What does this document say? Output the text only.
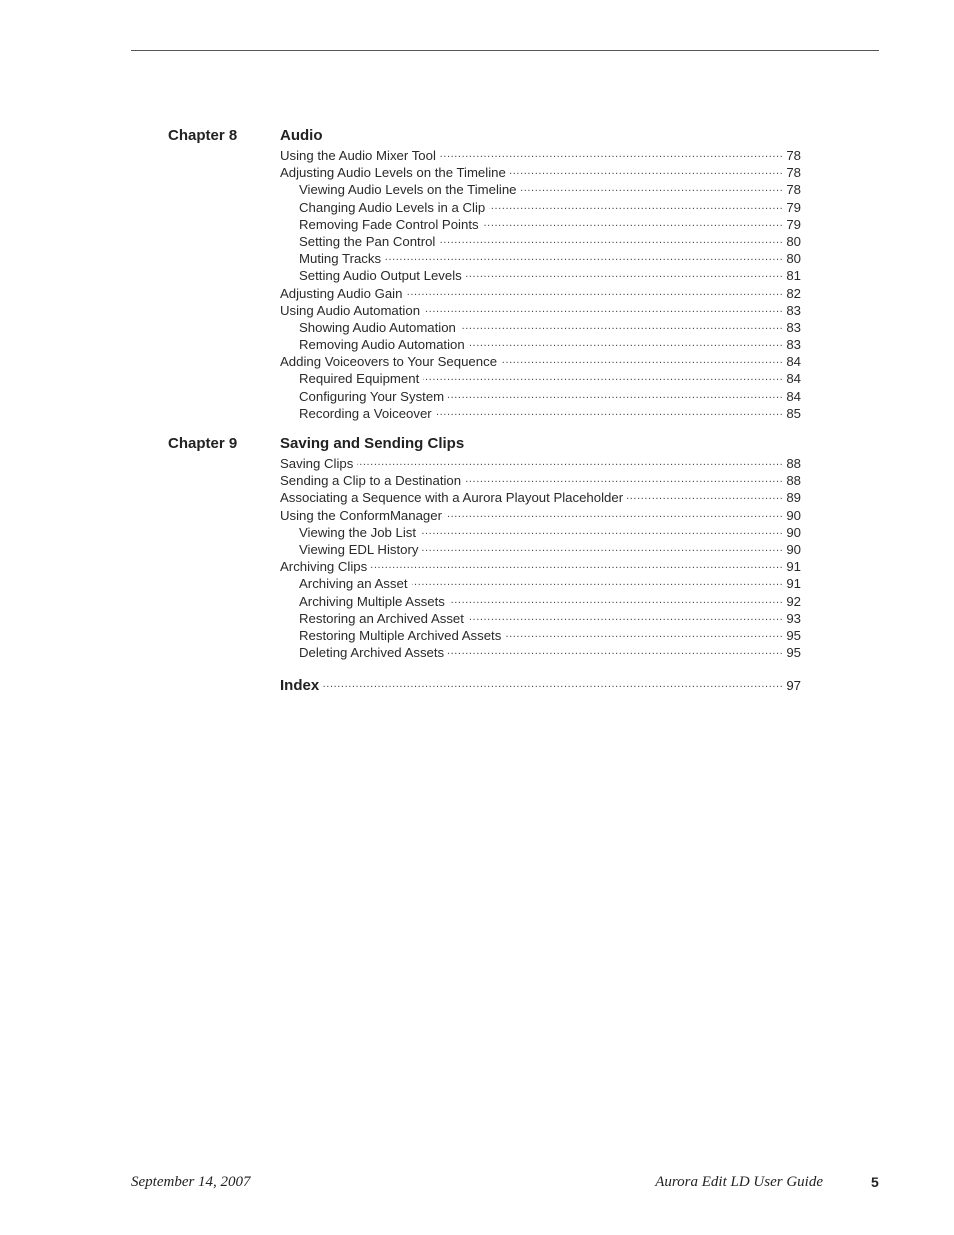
Chapter 8	Audio
Using the Audio Mixer Tool .....	78
Adjusting Audio Levels on the Timeline .....	78
Viewing Audio Levels on the Timeline .....	78
Changing Audio Levels in a Clip .....	79
Removing Fade Control Points .....	79
Setting the Pan Control .....	80
Muting Tracks .....	80
Setting Audio Output Levels .....	81
Adjusting Audio Gain .....	82
Using Audio Automation .....	83
Showing Audio Automation .....	83
Removing Audio Automation .....	83
Adding Voiceovers to Your Sequence .....	84
Required Equipment .....	84
Configuring Your System .....	84
Recording a Voiceover .....	85
Chapter 9	Saving and Sending Clips
Saving Clips .....	88
Sending a Clip to a Destination .....	88
Associating a Sequence with a Aurora Playout Placeholder .....	89
Using the ConformManager .....	90
Viewing the Job List .....	90
Viewing EDL History .....	90
Archiving Clips .....	91
Archiving an Asset .....	91
Archiving Multiple Assets .....	92
Restoring an Archived Asset .....	93
Restoring Multiple Archived Assets .....	95
Deleting Archived Assets .....	95
Index .....	97
September 14, 2007	Aurora Edit LD User Guide	5
